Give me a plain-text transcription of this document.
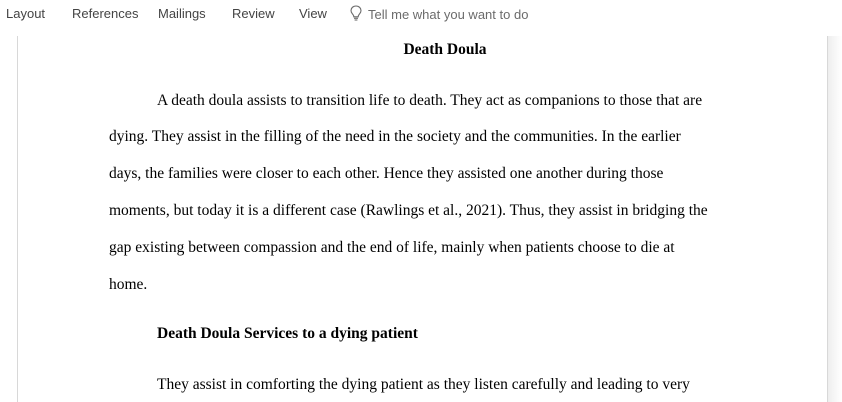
Layout References Mailings Review View	Tell me what you want to do
Death Doula
A death doula assists to transition life to death. They act as companions to those that are
dying. They assist in the filling of the need in the society and the communities. In the earlier
days, the families were closer to each other. Hence they assisted one another during those
moments, but today it is a different case (Rawlings et al., 2021). Thus, they assist in bridging the
gap existing between compassion and the end of life, mainly when patients choose to die at
home.
Death Doula Services to a dying patient
They assist in comforting the dying patient as they listen carefully and leading to very
